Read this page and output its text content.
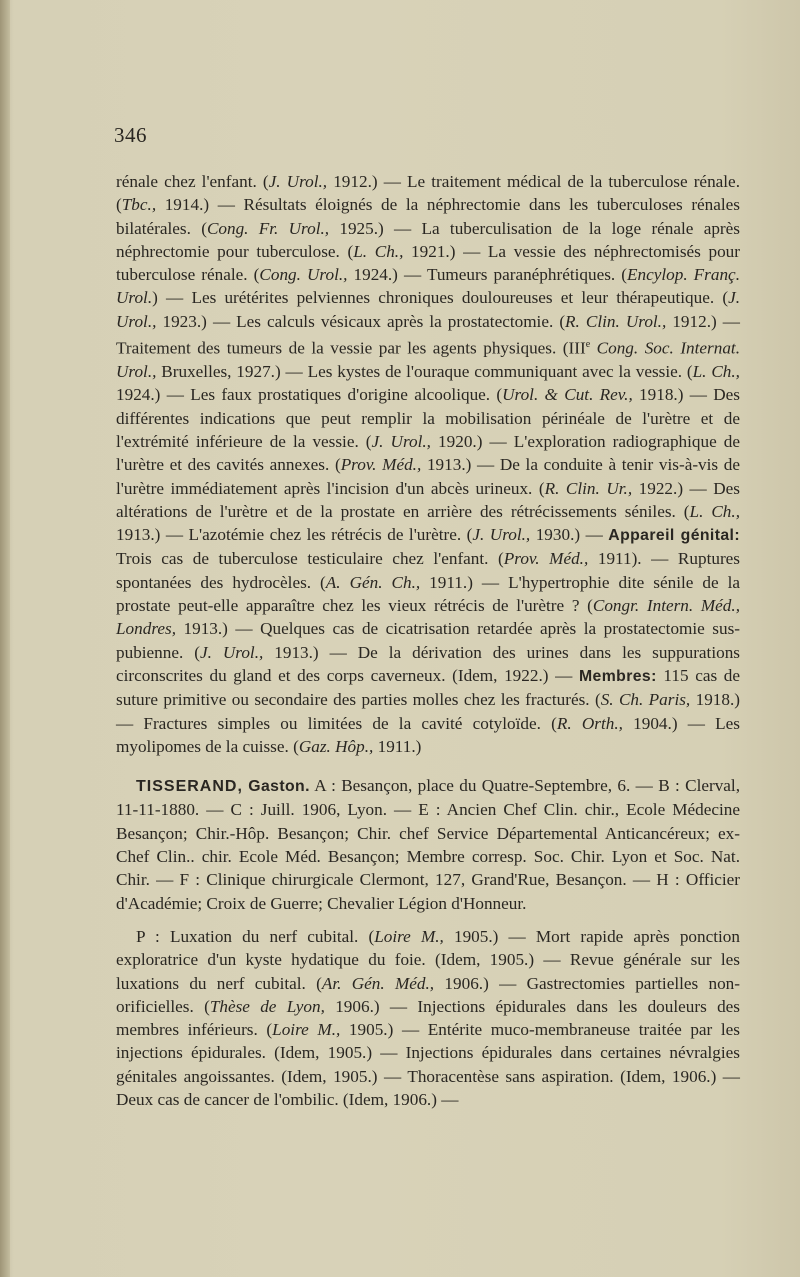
346

rénale chez l'enfant. (J. Urol., 1912.) — Le traitement médical de la tuberculose rénale. (Tbc., 1914.) — Résultats éloignés de la néphrectomie dans les tuberculoses rénales bilatérales. (Cong. Fr. Urol., 1925.) — La tuberculisation de la loge rénale après néphrectomie pour tuberculose. (L. Ch., 1921.) — La vessie des néphrectomisés pour tuberculose rénale. (Cong. Urol., 1924.) — Tumeurs paranéphrétiques. (Encylop. Franç. Urol.) — Les urétérites pelviennes chroniques douloureuses et leur thérapeutique. (J. Urol., 1923.) — Les calculs vésicaux après la prostatectomie. (R. Clin. Urol., 1912.) — Traitement des tumeurs de la vessie par les agents physiques. (IIIe Cong. Soc. Internat. Urol., Bruxelles, 1927.) — Les kystes de l'ouraque communiquant avec la vessie. (L. Ch., 1924.) — Les faux prostatiques d'origine alcoolique. (Urol. & Cut. Rev., 1918.) — Des différentes indications que peut remplir la mobilisation périnéale de l'urètre et de l'extrémité inférieure de la vessie. (J. Urol., 1920.) — L'exploration radiographique de l'urètre et des cavités annexes. (Prov. Méd., 1913.) — De la conduite à tenir vis-à-vis de l'urètre immédiatement après l'incision d'un abcès urineux. (R. Clin. Ur., 1922.) — Des altérations de l'urètre et de la prostate en arrière des rétrécissements séniles. (L. Ch., 1913.) — L'azotémie chez les rétrécis de l'urètre. (J. Urol., 1930.) — Appareil génital: Trois cas de tuberculose testiculaire chez l'enfant. (Prov. Méd., 1911). — Ruptures spontanées des hydrocèles. (A. Gén. Ch., 1911.) — L'hypertrophie dite sénile de la prostate peut-elle apparaître chez les vieux rétrécis de l'urètre ? (Congr. Intern. Méd., Londres, 1913.) — Quelques cas de cicatrisation retardée après la prostatectomie sus-pubienne. (J. Urol., 1913.) — De la dérivation des urines dans les suppurations circonscrites du gland et des corps caverneux. (Idem, 1922.) — Membres: 115 cas de suture primitive ou secondaire des parties molles chez les fracturés. (S. Ch. Paris, 1918.) — Fractures simples ou limitées de la cavité cotyloïde. (R. Orth., 1904.) — Les myolipomes de la cuisse. (Gaz. Hôp., 1911.)

TISSERAND, Gaston. A : Besançon, place du Quatre-Septembre, 6. — B : Clerval, 11-11-1880. — C : Juill. 1906, Lyon. — E : Ancien Chef Clin. chir., Ecole Médecine Besançon; Chir.-Hôp. Besançon; Chir. chef Service Départemental Anticancéreux; ex-Chef Clin.. chir. Ecole Méd. Besançon; Membre corresp. Soc. Chir. Lyon et Soc. Nat. Chir. — F : Clinique chirurgicale Clermont, 127, Grand'Rue, Besançon. — H : Officier d'Académie; Croix de Guerre; Chevalier Légion d'Honneur.

P : Luxation du nerf cubital. (Loire M., 1905.) — Mort rapide après ponction exploratrice d'un kyste hydatique du foie. (Idem, 1905.) — Revue générale sur les luxations du nerf cubital. (Ar. Gén. Méd., 1906.) — Gastrectomies partielles non-orificielles. (Thèse de Lyon, 1906.) — Injections épidurales dans les douleurs des membres inférieurs. (Loire M., 1905.) — Entérite muco-membraneuse traitée par les injections épidurales. (Idem, 1905.) — Injections épidurales dans certaines névralgies génitales angoissantes. (Idem, 1905.) — Thoracentèse sans aspiration. (Idem, 1906.) — Deux cas de cancer de l'ombilic. (Idem, 1906.) —
